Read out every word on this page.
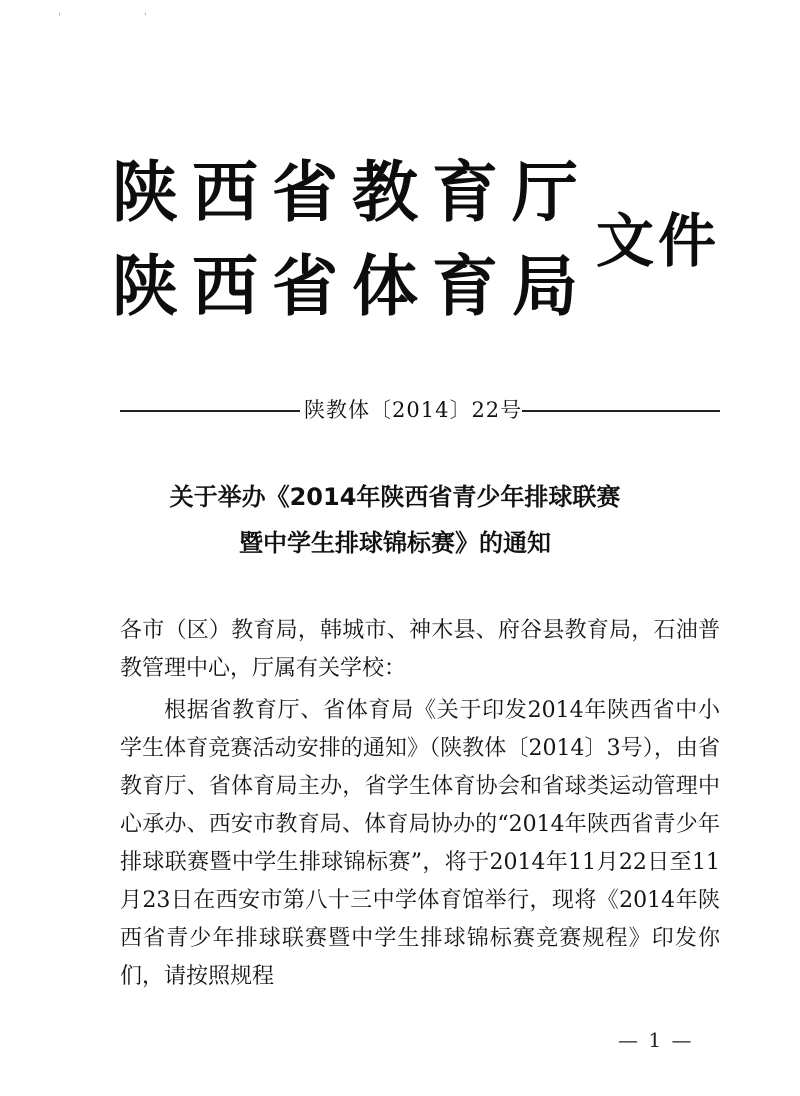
' '
陕西省教育厅
陕西省体育局
文件
陕教体〔2014〕22号
关于举办《2014年陕西省青少年排球联赛
暨中学生排球锦标赛》的通知

各市（区）教育局，韩城市、神木县、府谷县教育局，石油普教管理中心，厅属有关学校：

根据省教育厅、省体育局《关于印发2014年陕西省中小学生体育竞赛活动安排的通知》（陕教体〔2014〕3号），由省教育厅、省体育局主办，省学生体育协会和省球类运动管理中心承办、西安市教育局、体育局协办的“2014年陕西省青少年排球联赛暨中学生排球锦标赛”，将于2014年11月22日至11月23日在西安市第八十三中学体育馆举行，现将《2014年陕西省青少年排球联赛暨中学生排球锦标赛竞赛规程》印发你们，请按照规程

— 1 —
